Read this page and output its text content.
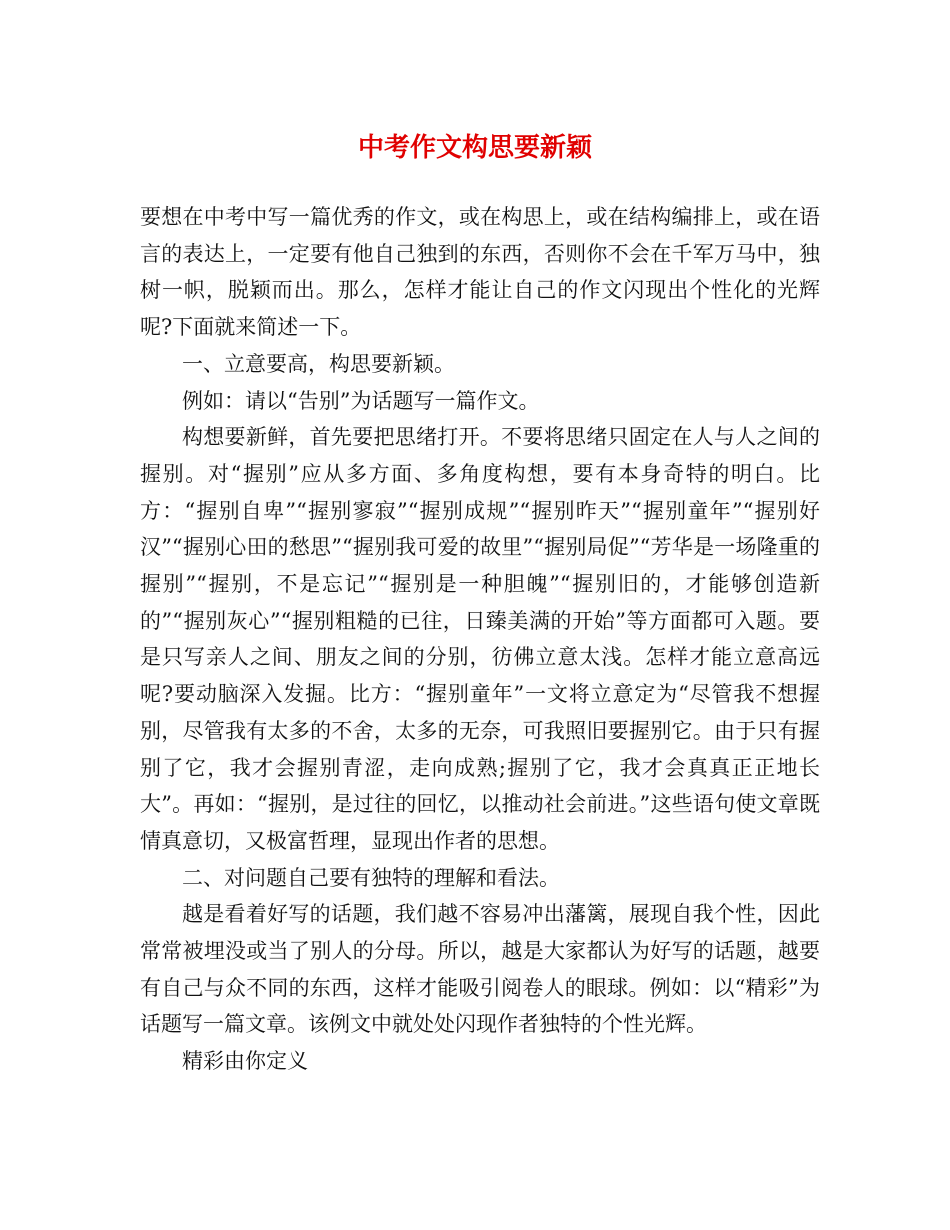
中考作文构思要新颖

要想在中考中写一篇优秀的作文，或在构思上，或在结构编排上，或在语言的表达上，一定要有他自己独到的东西，否则你不会在千军万马中，独树一帜，脱颖而出。那么，怎样才能让自己的作文闪现出个性化的光辉呢?下面就来简述一下。

一、立意要高，构思要新颖。

例如：请以“告别”为话题写一篇作文。

构想要新鲜，首先要把思绪打开。不要将思绪只固定在人与人之间的握别。对“握别”应从多方面、多角度构想，要有本身奇特的明白。比方：“握别自卑”“握别寥寂”“握别成规”“握别昨天”“握别童年”“握别好汉”“握别心田的愁思”“握别我可爱的故里”“握别局促”“芳华是一场隆重的握别”“握别，不是忘记”“握别是一种胆魄”“握别旧的，才能够创造新的”“握别灰心”“握别粗糙的已往，日臻美满的开始”等方面都可入题。要是只写亲人之间、朋友之间的分别，彷佛立意太浅。怎样才能立意高远呢?要动脑深入发掘。比方：“握别童年”一文将立意定为“尽管我不想握别，尽管我有太多的不舍，太多的无奈，可我照旧要握别它。由于只有握别了它，我才会握别青涩，走向成熟;握别了它，我才会真真正正地长大”。再如：“握别，是过往的回忆，以推动社会前进。”这些语句使文章既情真意切，又极富哲理，显现出作者的思想。

二、对问题自己要有独特的理解和看法。

越是看着好写的话题，我们越不容易冲出藩篱，展现自我个性，因此常常被埋没或当了别人的分母。所以，越是大家都认为好写的话题，越要有自己与众不同的东西，这样才能吸引阅卷人的眼球。例如：以“精彩”为话题写一篇文章。该例文中就处处闪现作者独特的个性光辉。

精彩由你定义
